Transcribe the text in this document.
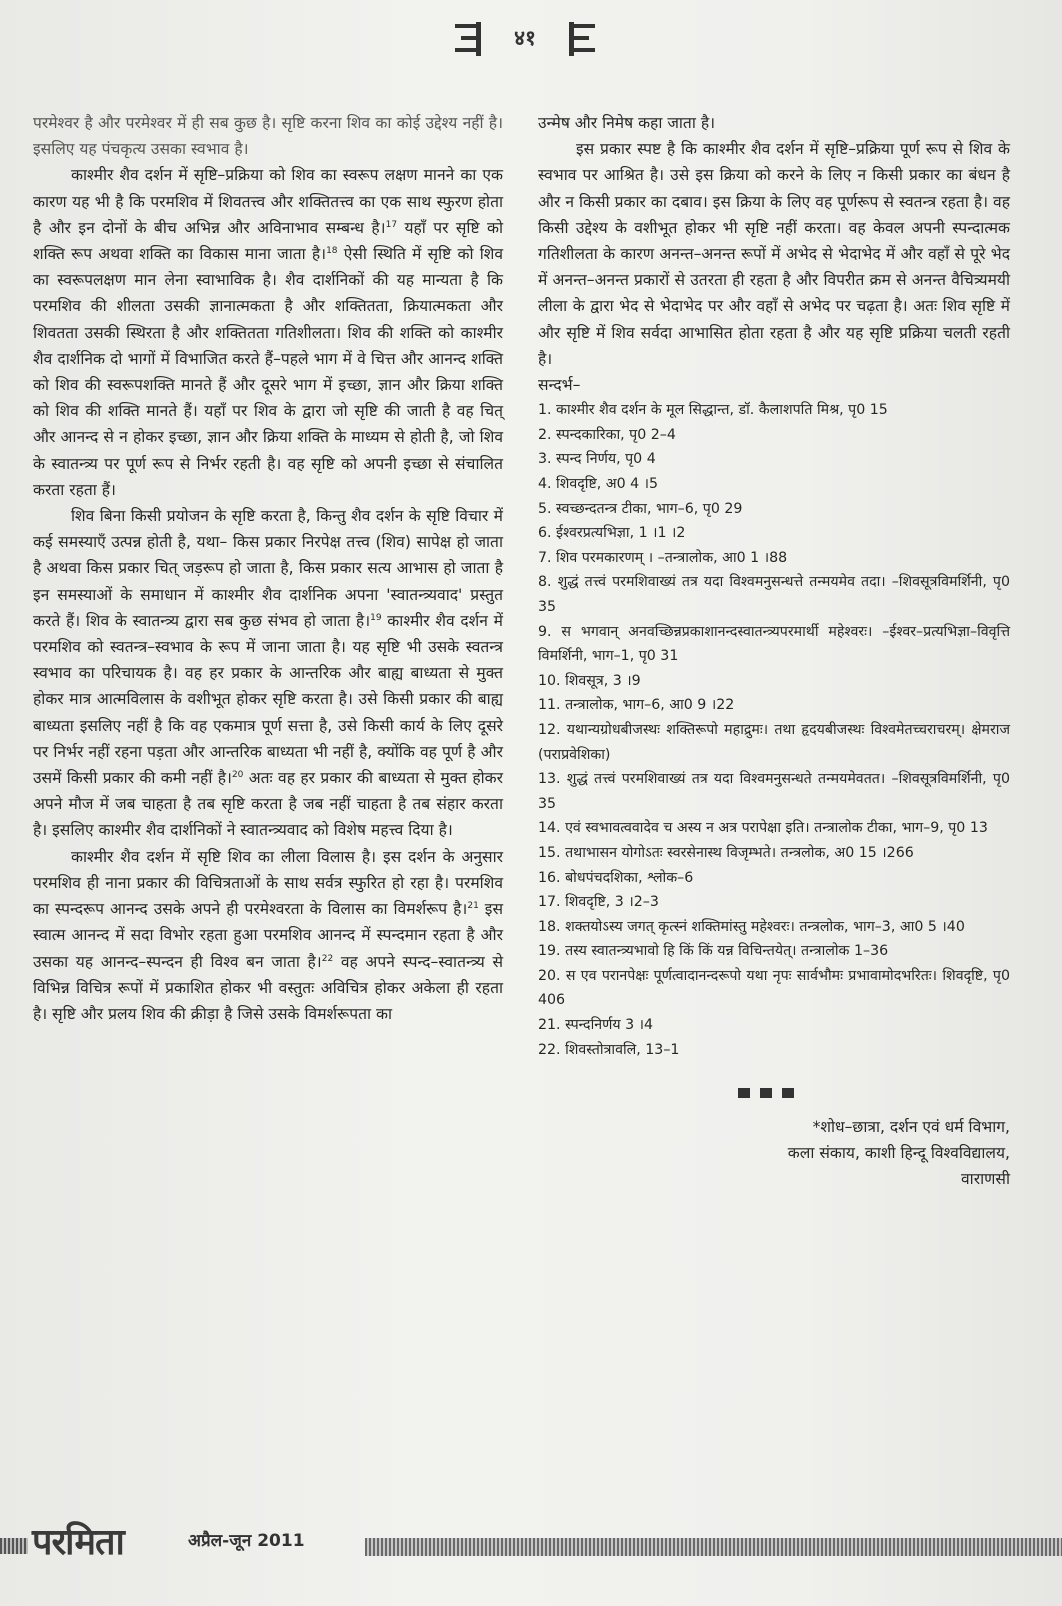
४१

परमेश्वर है और परमेश्वर में ही सब कुछ है। सृष्टि करना शिव का कोई उद्देश्य नहीं है। इसलिए यह पंचकृत्य उसका स्वभाव है।

काश्मीर शैव दर्शन में सृष्टि–प्रक्रिया को शिव का स्वरूप लक्षण मानने का एक कारण यह भी है कि परमशिव में शिवतत्त्व और शक्तितत्त्व का एक साथ स्फुरण होता है और इन दोनों के बीच अभिन्न और अविनाभाव सम्बन्ध है।$^{17}$ यहाँ पर सृष्टि को शक्ति रूप अथवा शक्ति का विकास माना जाता है।$^{18}$ ऐसी स्थिति में सृष्टि को शिव का स्वरूपलक्षण मान लेना स्वाभाविक है। शैव दार्शनिकों की यह मान्यता है कि परमशिव की शीलता उसकी ज्ञानात्मकता है और शक्तितता, क्रियात्मकता और शिवतता उसकी स्थिरता है और शक्तितता गतिशीलता। शिव की शक्ति को काश्मीर शैव दार्शनिक दो भागों में विभाजित करते हैं–पहले भाग में वे चित्त और आनन्द शक्ति को शिव की स्वरूपशक्ति मानते हैं और दूसरे भाग में इच्छा, ज्ञान और क्रिया शक्ति को शिव की शक्ति मानते हैं। यहाँ पर शिव के द्वारा जो सृष्टि की जाती है वह चित् और आनन्द से न होकर इच्छा, ज्ञान और क्रिया शक्ति के माध्यम से होती है, जो शिव के स्वातन्त्र्य पर पूर्ण रूप से निर्भर रहती है। वह सृष्टि को अपनी इच्छा से संचालित करता रहता हैं।

शिव बिना किसी प्रयोजन के सृष्टि करता है, किन्तु शैव दर्शन के सृष्टि विचार में कई समस्याएँ उत्पन्न होती है, यथा– किस प्रकार निरपेक्ष तत्त्व (शिव) सापेक्ष हो जाता है अथवा किस प्रकार चित् जड़रूप हो जाता है, किस प्रकार सत्य आभास हो जाता है इन समस्याओं के समाधान में काश्मीर शैव दार्शनिक अपना 'स्वातन्त्र्यवाद' प्रस्तुत करते हैं। शिव के स्वातन्त्र्य द्वारा सब कुछ संभव हो जाता है।$^{19}$ काश्मीर शैव दर्शन में परमशिव को स्वतन्त्र–स्वभाव के रूप में जाना जाता है। यह सृष्टि भी उसके स्वतन्त्र स्वभाव का परिचायक है। वह हर प्रकार के आन्तरिक और बाह्य बाध्यता से मुक्त होकर मात्र आत्मविलास के वशीभूत होकर सृष्टि करता है। उसे किसी प्रकार की बाह्य बाध्यता इसलिए नहीं है कि वह एकमात्र पूर्ण सत्ता है, उसे किसी कार्य के लिए दूसरे पर निर्भर नहीं रहना पड़ता और आन्तरिक बाध्यता भी नहीं है, क्योंकि वह पूर्ण है और उसमें किसी प्रकार की कमी नहीं है।$^{20}$ अतः वह हर प्रकार की बाध्यता से मुक्त होकर अपने मौज में जब चाहता है तब सृष्टि करता है जब नहीं चाहता है तब संहार करता है। इसलिए काश्मीर शैव दार्शनिकों ने स्वातन्त्र्यवाद को विशेष महत्त्व दिया है।

काश्मीर शैव दर्शन में सृष्टि शिव का लीला विलास है। इस दर्शन के अनुसार परमशिव ही नाना प्रकार की विचित्रताओं के साथ सर्वत्र स्फुरित हो रहा है। परमशिव का स्पन्दरूप आनन्द उसके अपने ही परमेश्वरता के विलास का विमर्शरूप है।$^{21}$ इस स्वात्म आनन्द में सदा विभोर रहता हुआ परमशिव आनन्द में स्पन्दमान रहता है और उसका यह आनन्द–स्पन्दन ही विश्व बन जाता है।$^{22}$ वह अपने स्पन्द–स्वातन्त्र्य से विभिन्न विचित्र रूपों में प्रकाशित होकर भी वस्तुतः अविचित्र होकर अकेला ही रहता है। सृष्टि और प्रलय शिव की क्रीड़ा है जिसे उसके विमर्शरूपता का

उन्मेष और निमेष कहा जाता है।

इस प्रकार स्पष्ट है कि काश्मीर शैव दर्शन में सृष्टि–प्रक्रिया पूर्ण रूप से शिव के स्वभाव पर आश्रित है। उसे इस क्रिया को करने के लिए न किसी प्रकार का बंधन है और न किसी प्रकार का दबाव। इस क्रिया के लिए वह पूर्णरूप से स्वतन्त्र रहता है। वह किसी उद्देश्य के वशीभूत होकर भी सृष्टि नहीं करता। वह केवल अपनी स्पन्दात्मक गतिशीलता के कारण अनन्त–अनन्त रूपों में अभेद से भेदाभेद में और वहाँ से पूरे भेद में अनन्त–अनन्त प्रकारों से उतरता ही रहता है और विपरीत क्रम से अनन्त वैचित्र्यमयी लीला के द्वारा भेद से भेदाभेद पर और वहाँ से अभेद पर चढ़ता है। अतः शिव सृष्टि में और सृष्टि में शिव सर्वदा आभासित होता रहता है और यह सृष्टि प्रक्रिया चलती रहती है।

सन्दर्भ–

1. काश्मीर शैव दर्शन के मूल सिद्धान्त, डॉ. कैलाशपति मिश्र, पृ0 15
2. स्पन्दकारिका, पृ0 2–4
3. स्पन्द निर्णय, पृ0 4
4. शिवदृष्टि, अ0 4 ।5
5. स्वच्छन्दतन्त्र टीका, भाग–6, पृ0 29
6. ईश्वरप्रत्यभिज्ञा, 1 ।1 ।2
7. शिव परमकारणम् । –तन्त्रालोक, आ0 1 ।88
8. शुद्धं तत्त्वं परमशिवाख्यं तत्र यदा विश्वमनुसन्धत्ते तन्मयमेव तदा। –शिवसूत्रविमर्शिनी, पृ0 35
9. स भगवान् अनवच्छिन्नप्रकाशानन्दस्वातन्त्र्यपरमार्थी महेश्वरः। –ईश्वर–प्रत्यभिज्ञा–विवृत्ति विमर्शिनी, भाग–1, पृ0 31
10. शिवसूत्र, 3 ।9
11. तन्त्रालोक, भाग–6, आ0 9 ।22
12. यथान्यग्रोधबीजस्थः शक्तिरूपो महाद्रुमः। तथा हृदयबीजस्थः विश्वमेतच्चराचरम्। क्षेमराज (पराप्रवेशिका)
13. शुद्धं तत्त्वं परमशिवाख्यं तत्र यदा विश्वमनुसन्धते तन्मयमेवतत। –शिवसूत्रविमर्शिनी, पृ0 35
14. एवं स्वभावत्ववादेव च अस्य न अत्र परापेक्षा इति। तन्त्रालोक टीका, भाग–9, पृ0 13
15. तथाभासन योगोऽतः स्वरसेनास्थ विजृम्भते। तन्त्रलोक, अ0 15 ।266
16. बोधपंचदशिका, श्लोक–6
17. शिवदृष्टि, 3 ।2–3
18. शक्तयोऽस्य जगत् कृत्स्नं शक्तिमांस्तु महेश्वरः। तन्त्रलोक, भाग–3, आ0 5 ।40
19. तस्य स्वातन्त्र्यभावो हि किं किं यन्न विचिन्तयेत्। तन्त्रालोक 1–36
20. स एव परानपेक्षः पूर्णत्वादानन्दरूपो यथा नृपः सार्वभौमः प्रभावामोदभरितः। शिवदृष्टि, पृ0 406
21. स्पन्दनिर्णय 3 ।4
22. शिवस्तोत्रावलि, 13–1

*शोध–छात्रा, दर्शन एवं धर्म विभाग,

कला संकाय, काशी हिन्दू विश्वविद्यालय,

वाराणसी

परमिता	अप्रैल-जून 2011
